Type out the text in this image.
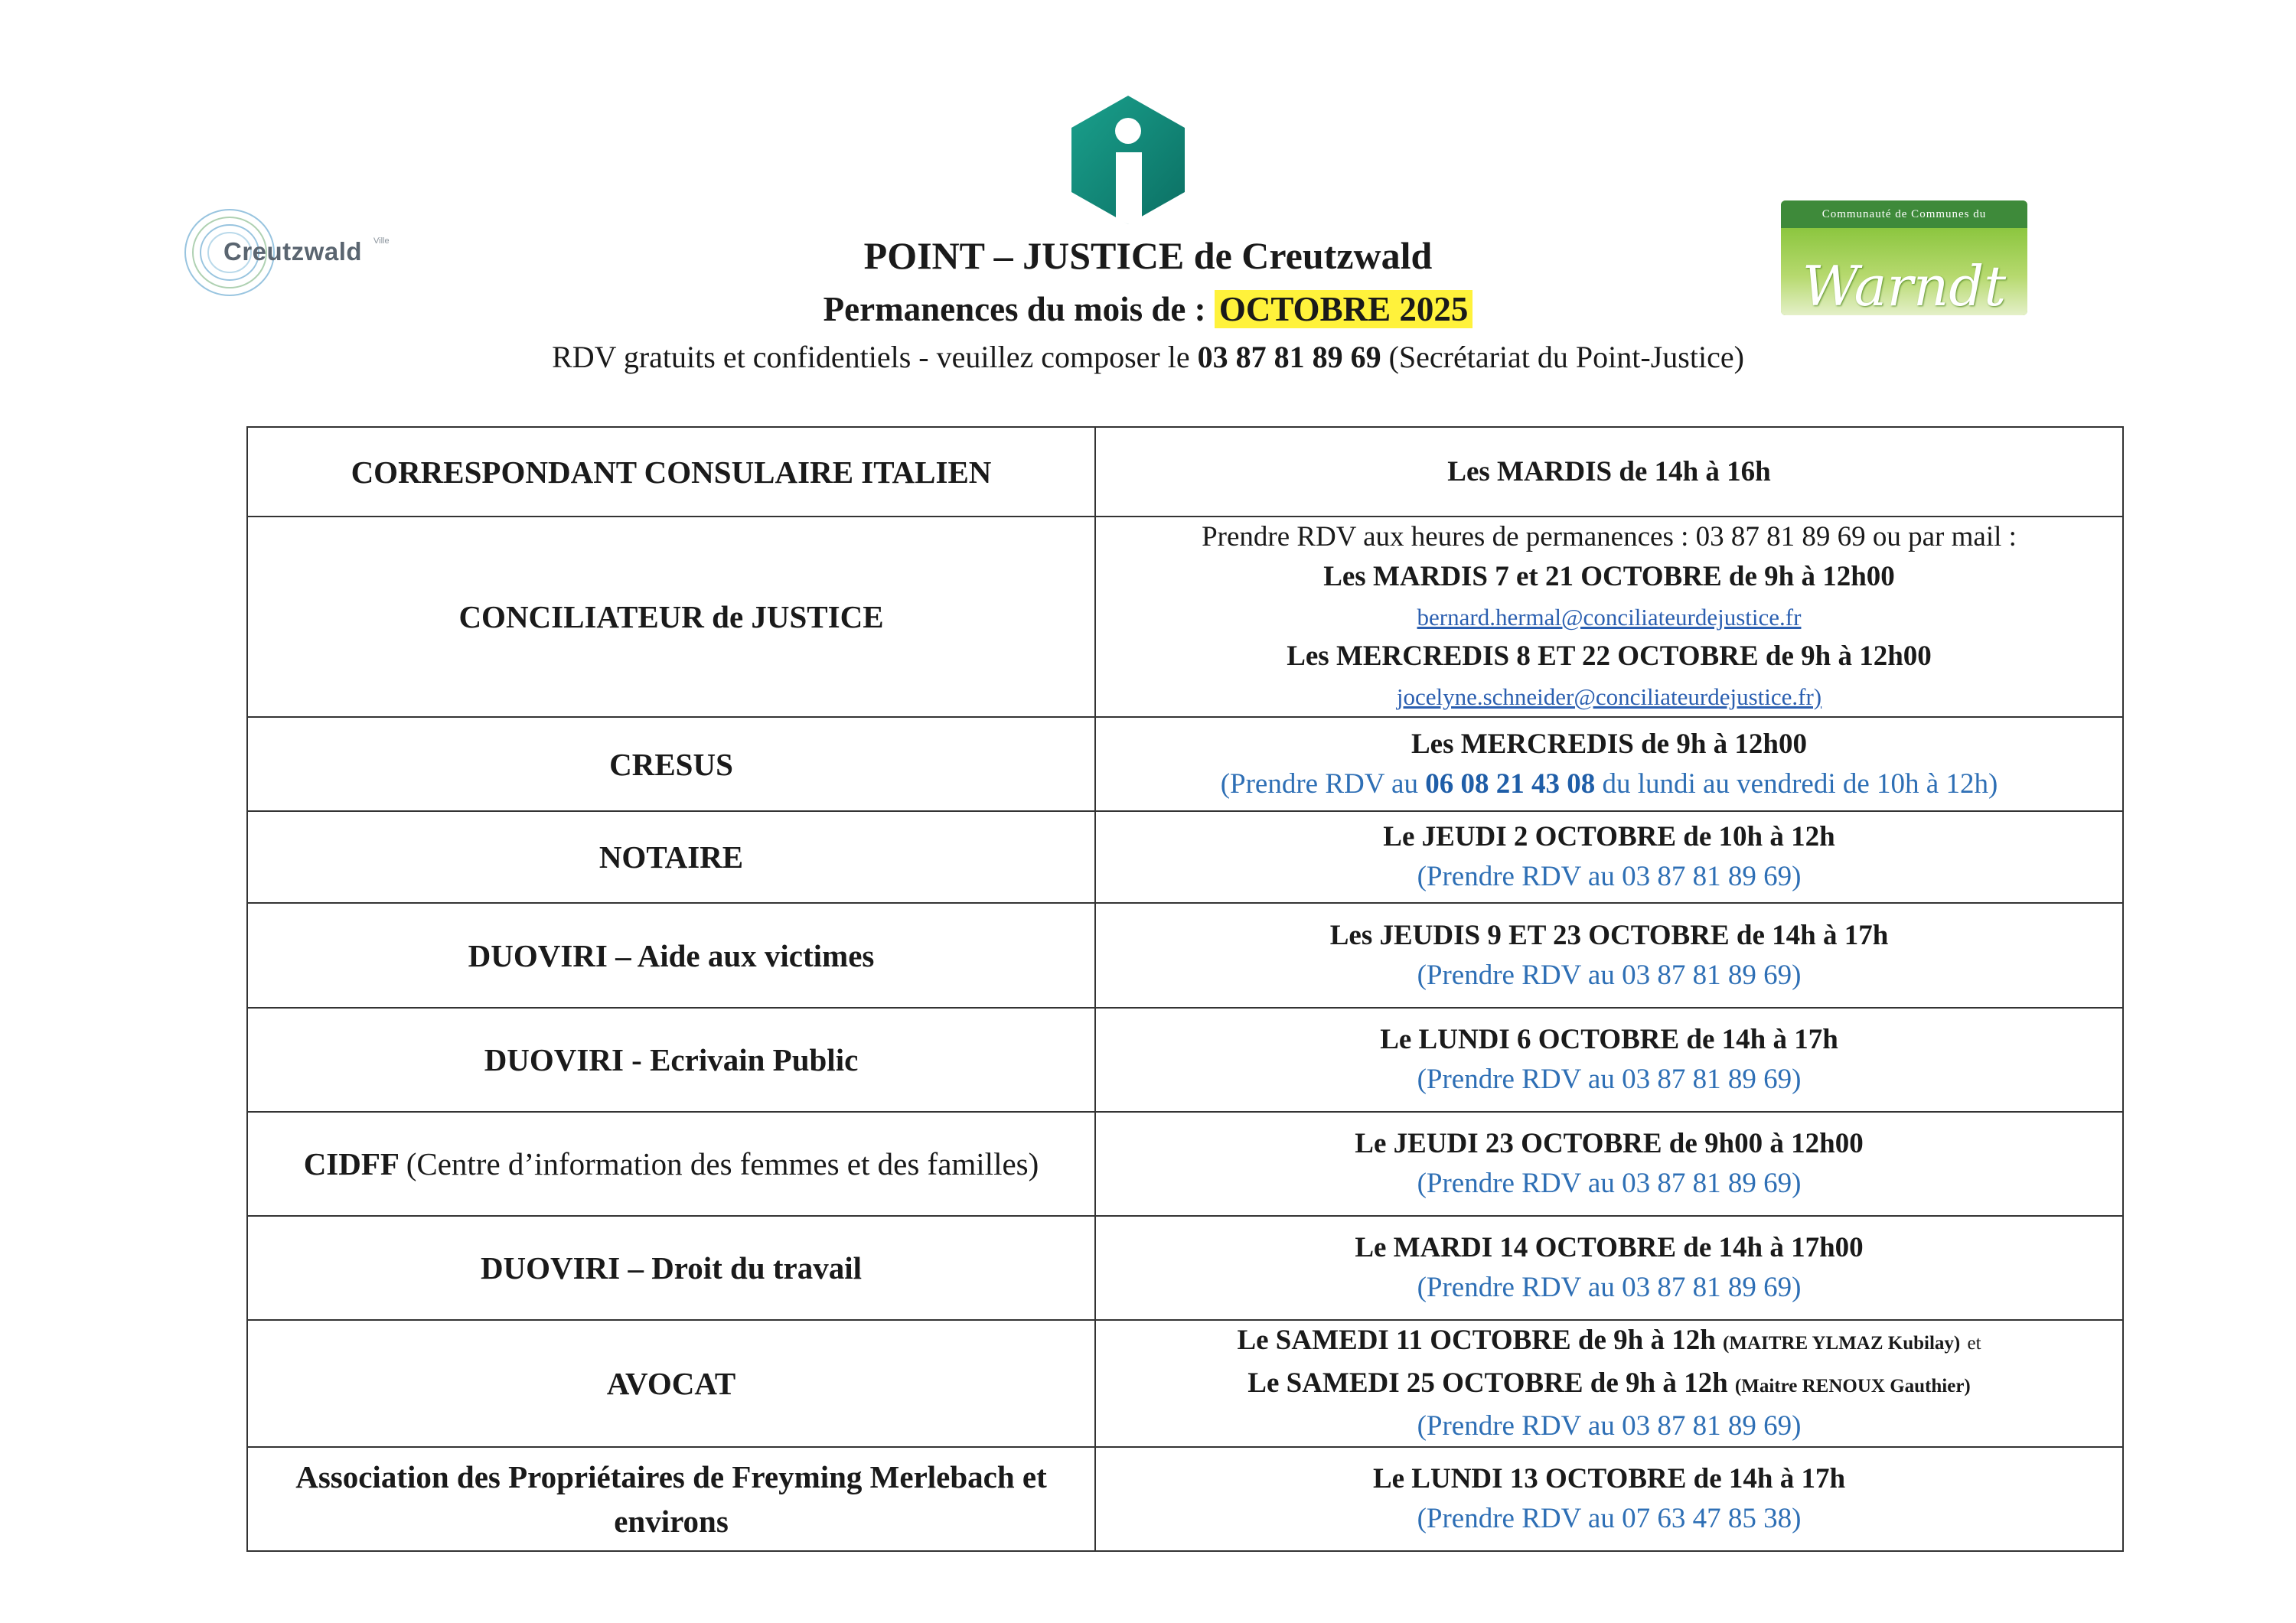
Creutzwald Ville
Communauté de Communes du
Warndt
POINT – JUSTICE de Creutzwald
Permanences du mois de : OCTOBRE 2025
RDV gratuits et confidentiels - veuillez composer le 03 87 81 89 69 (Secrétariat du Point-Justice)
CORRESPONDANT CONSULAIRE ITALIEN	Les MARDIS de 14h à 16h

CONCILIATEUR de JUSTICE	Prendre RDV aux heures de permanences : 03 87 81 89 69 ou par mail :
Les MARDIS 7 et 21 OCTOBRE de 9h à 12h00
bernard.hermal@conciliateurdejustice.fr
Les MERCREDIS 8 ET 22 OCTOBRE de 9h à 12h00
jocelyne.schneider@conciliateurdejustice.fr)

CRESUS	Les MERCREDIS de 9h à 12h00
(Prendre RDV au 06 08 21 43 08 du lundi au vendredi de 10h à 12h)

NOTAIRE	Le JEUDI 2 OCTOBRE de 10h à 12h
(Prendre RDV au 03 87 81 89 69)

DUOVIRI – Aide aux victimes	Les JEUDIS 9 ET 23 OCTOBRE de 14h à 17h
(Prendre RDV au 03 87 81 89 69)

DUOVIRI - Ecrivain Public	Le LUNDI 6 OCTOBRE de 14h à 17h
(Prendre RDV au 03 87 81 89 69)

CIDFF (Centre d’information des femmes et des familles)	Le JEUDI 23 OCTOBRE de 9h00 à 12h00
(Prendre RDV au 03 87 81 89 69)

DUOVIRI – Droit du travail	Le MARDI 14 OCTOBRE de 14h à 17h00
(Prendre RDV au 03 87 81 89 69)

AVOCAT	Le SAMEDI 11 OCTOBRE de 9h à 12h (MAITRE YLMAZ Kubilay) et
Le SAMEDI 25 OCTOBRE de 9h à 12h (Maitre RENOUX Gauthier)
(Prendre RDV au 03 87 81 89 69)

Association des Propriétaires de Freyming Merlebach et environs	Le LUNDI 13 OCTOBRE de 14h à 17h
(Prendre RDV au 07 63 47 85 38)
